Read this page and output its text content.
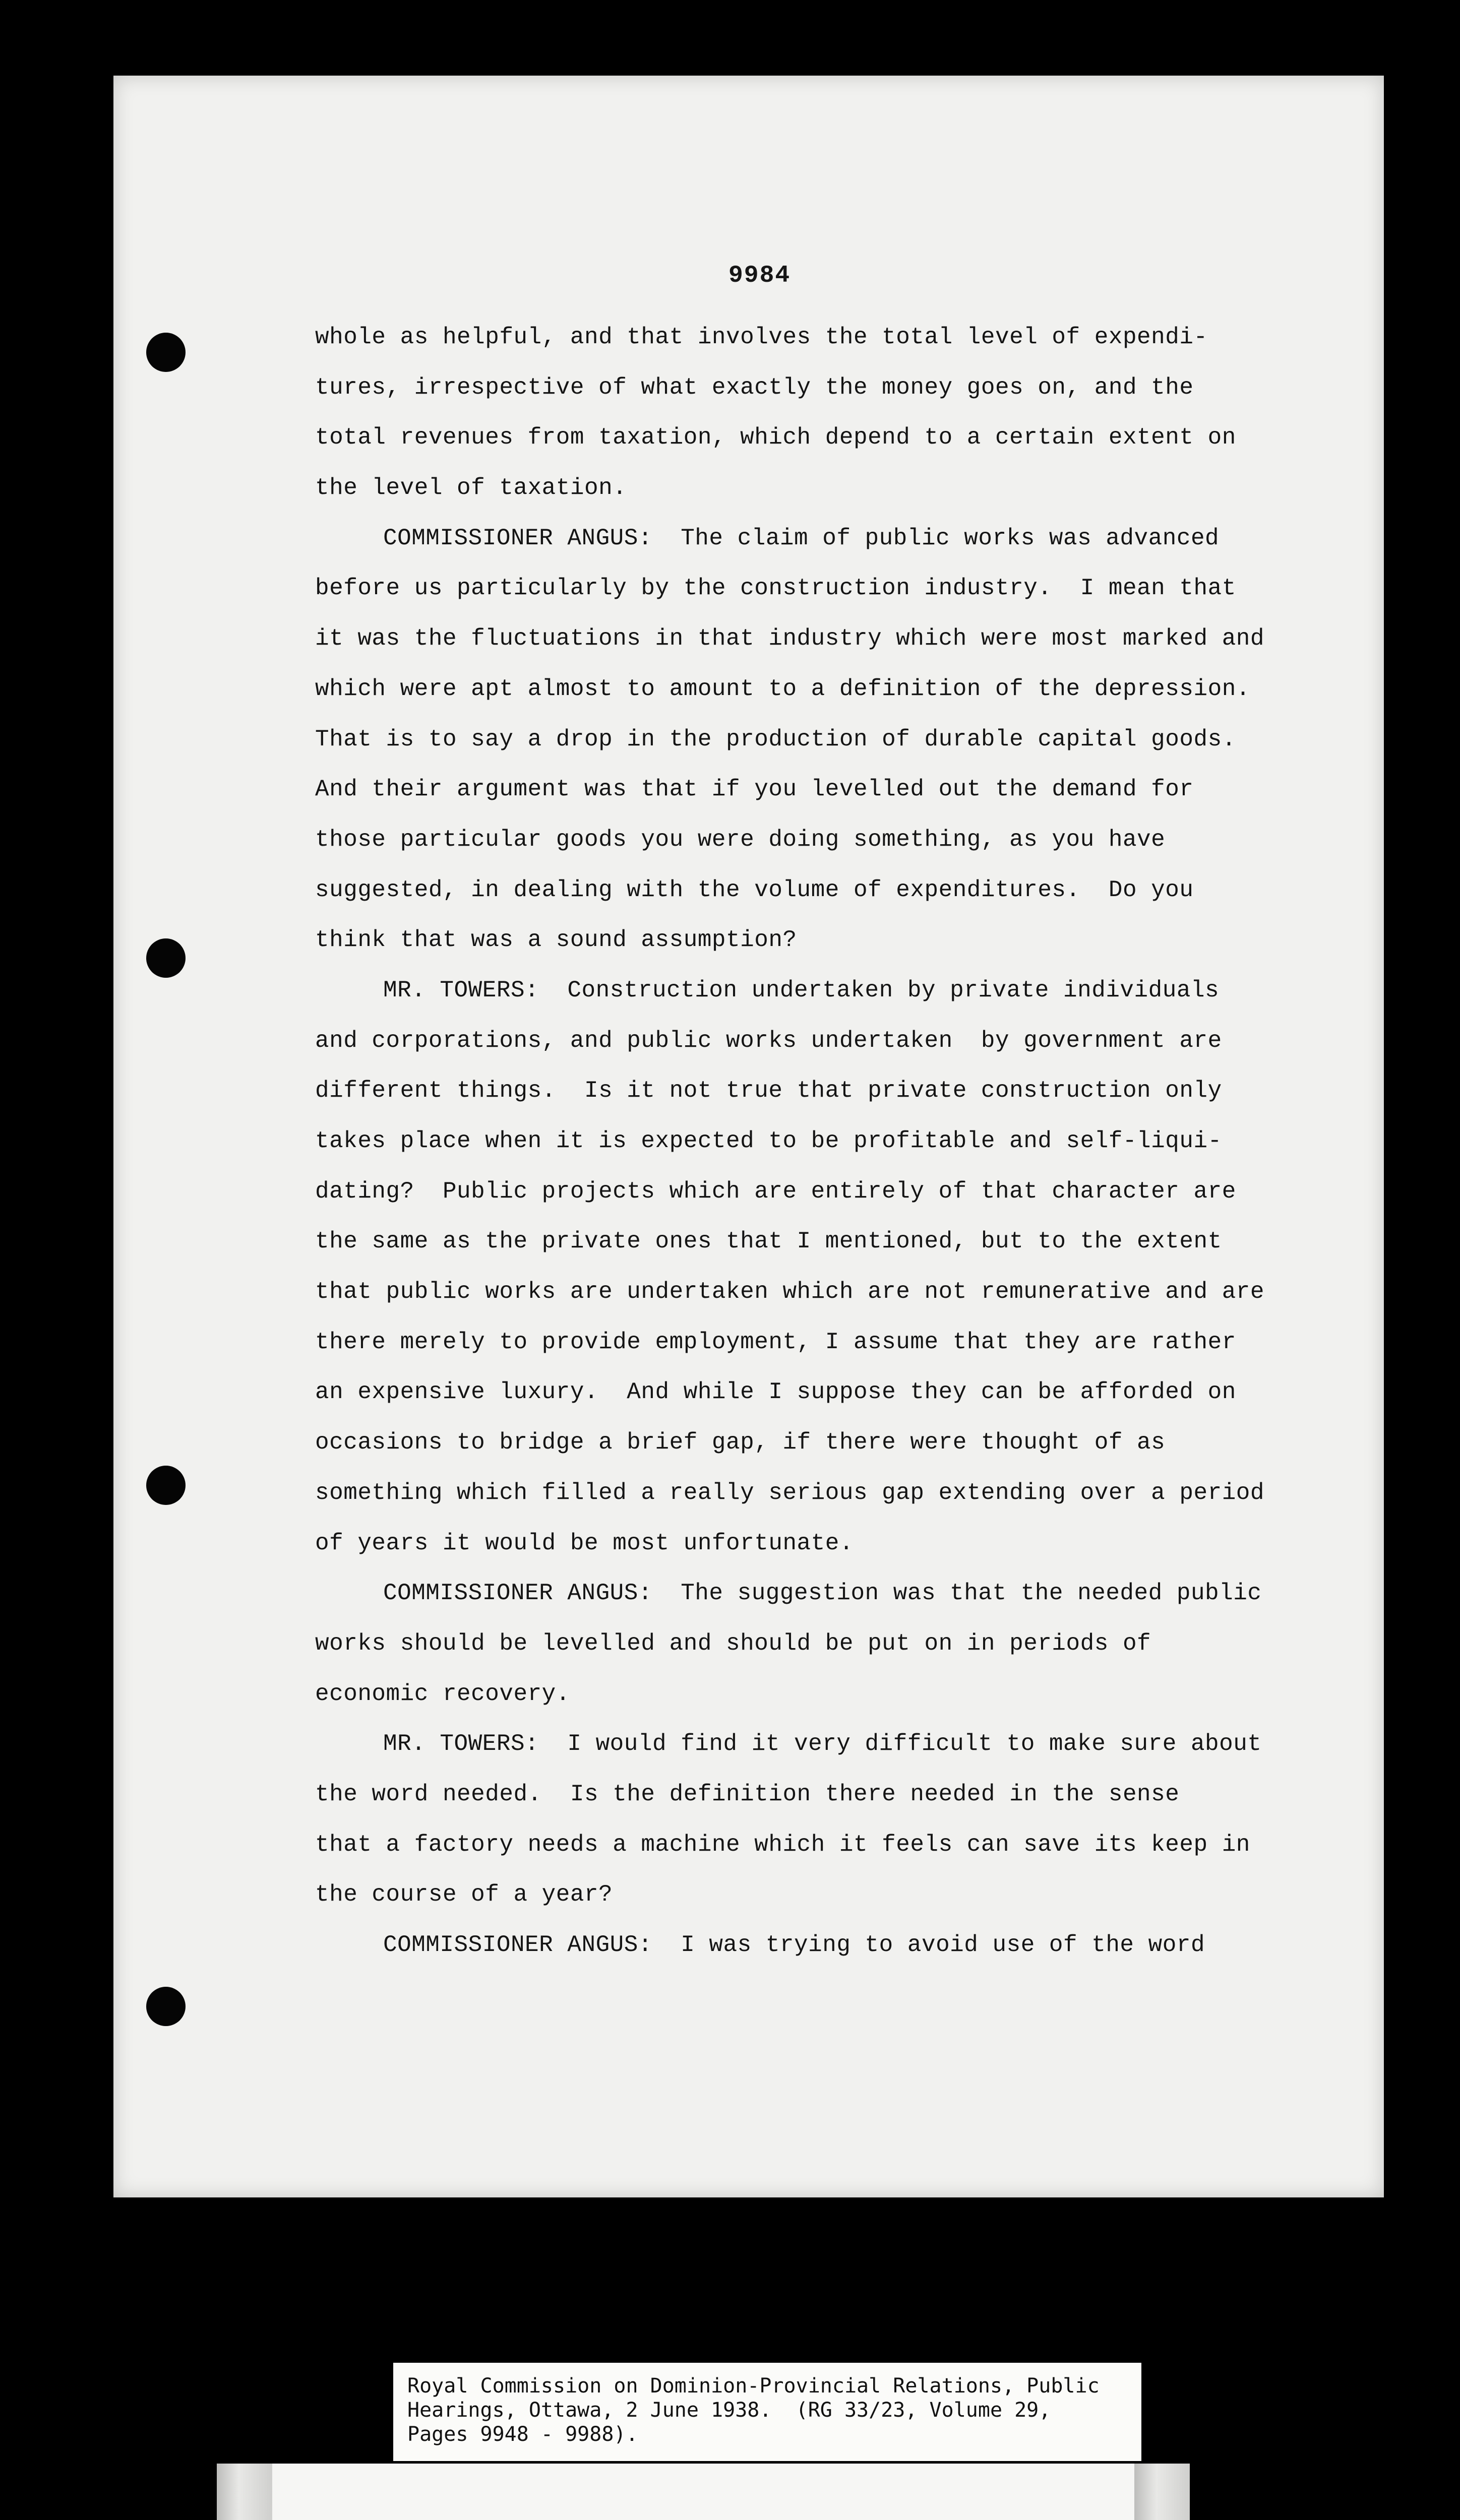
9984
whole as helpful, and that involves the total level of expendi-
tures, irrespective of what exactly the money goes on, and the
total revenues from taxation, which depend to a certain extent on
the level of taxation.
COMMISSIONER ANGUS:  The claim of public works was advanced
before us particularly by the construction industry.  I mean that
it was the fluctuations in that industry which were most marked and
which were apt almost to amount to a definition of the depression.
That is to say a drop in the production of durable capital goods.
And their argument was that if you levelled out the demand for
those particular goods you were doing something, as you have
suggested, in dealing with the volume of expenditures.  Do you
think that was a sound assumption?
MR. TOWERS:  Construction undertaken by private individuals
and corporations, and public works undertaken  by government are
different things.  Is it not true that private construction only
takes place when it is expected to be profitable and self-liqui-
dating?  Public projects which are entirely of that character are
the same as the private ones that I mentioned, but to the extent
that public works are undertaken which are not remunerative and are
there merely to provide employment, I assume that they are rather
an expensive luxury.  And while I suppose they can be afforded on
occasions to bridge a brief gap, if there were thought of as
something which filled a really serious gap extending over a period
of years it would be most unfortunate.
COMMISSIONER ANGUS:  The suggestion was that the needed public
works should be levelled and should be put on in periods of
economic recovery.
MR. TOWERS:  I would find it very difficult to make sure about
the word needed.  Is the definition there needed in the sense
that a factory needs a machine which it feels can save its keep in
the course of a year?
COMMISSIONER ANGUS:  I was trying to avoid use of the word
Royal Commission on Dominion-Provincial Relations, Public
Hearings, Ottawa, 2 June 1938.  (RG 33/23, Volume 29,
Pages 9948 - 9988).
